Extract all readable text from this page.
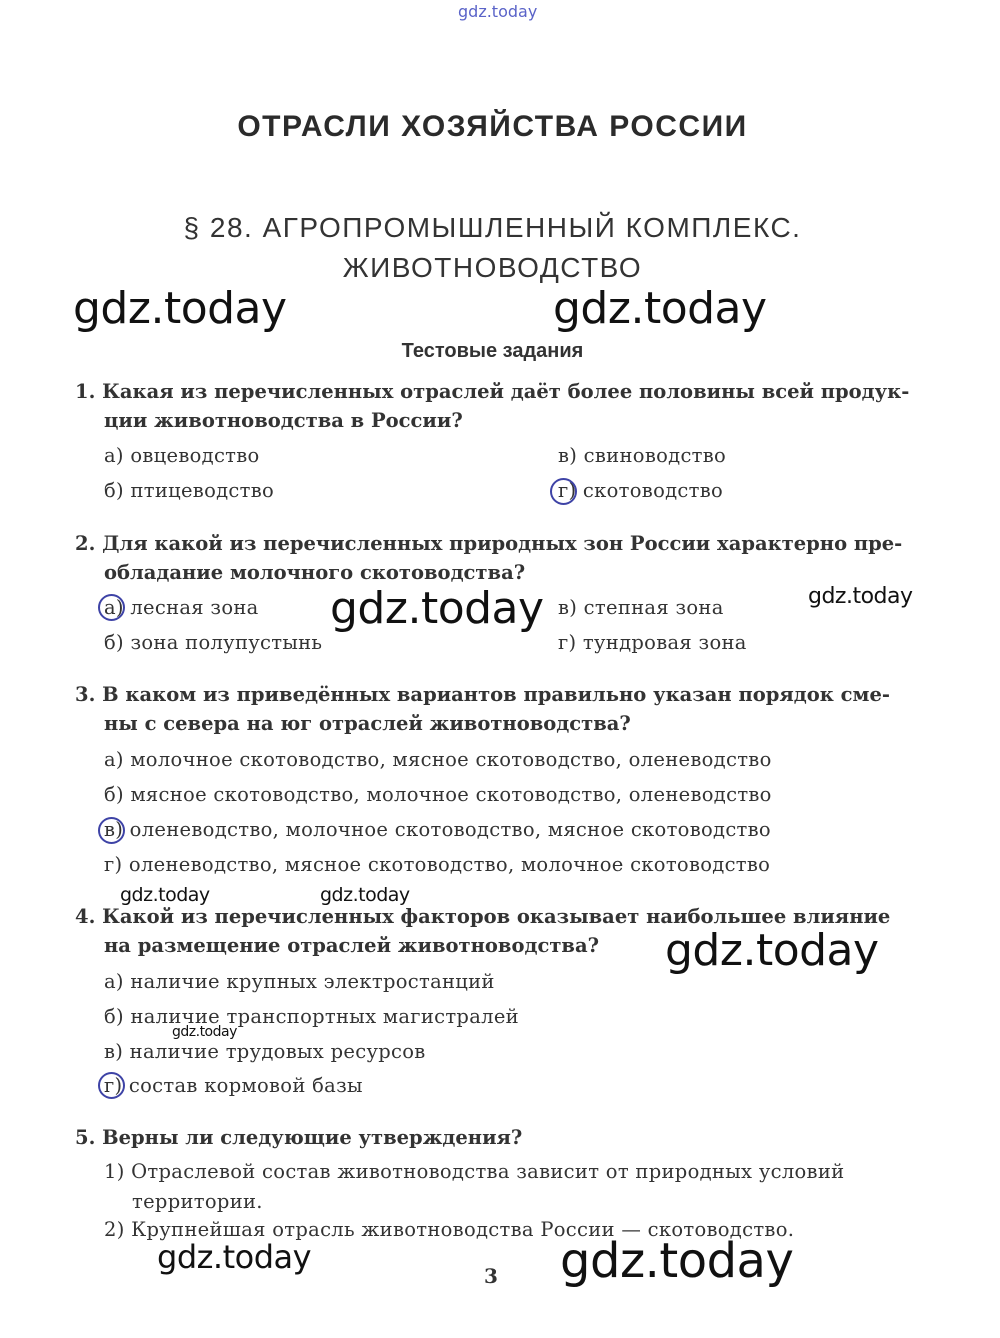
gdz.today
ОТРАСЛИ ХОЗЯЙСТВА РОССИИ
§ 28. АГРОПРОМЫШЛЕННЫЙ КОМПЛЕКС.
ЖИВОТНОВОДСТВО
gdz.today	gdz.today
Тестовые задания
1. Какая из перечисленных отраслей даёт более половины всей продук-
ции животноводства в России?
а) овцеводство
б) птицеводство
в) свиноводство
г) скотоводство
2. Для какой из перечисленных природных зон России характерно пре-
обладание молочного скотоводства?
а) лесная зона
б) зона полупустынь
в) степная зона
г) тундровая зона
gdz.today	gdz.today
3. В каком из приведённых вариантов правильно указан порядок сме-
ны с севера на юг отраслей животноводства?
а) молочное скотоводство, мясное скотоводство, оленеводство
б) мясное скотоводство, молочное скотоводство, оленеводство
в) оленеводство, молочное скотоводство, мясное скотоводство
г) оленеводство, мясное скотоводство, молочное скотоводство
gdz.today	gdz.today
4. Какой из перечисленных факторов оказывает наибольшее влияние
на размещение отраслей животноводства?
а) наличие крупных электростанций
б) наличие транспортных магистралей
в) наличие трудовых ресурсов
г) состав кормовой базы
gdz.today
gdz.today
5. Верны ли следующие утверждения?
1) Отраслевой состав животноводства зависит от природных условий
территории.
2) Крупнейшая отрасль животноводства России — скотоводство.
gdz.today	gdz.today
3
